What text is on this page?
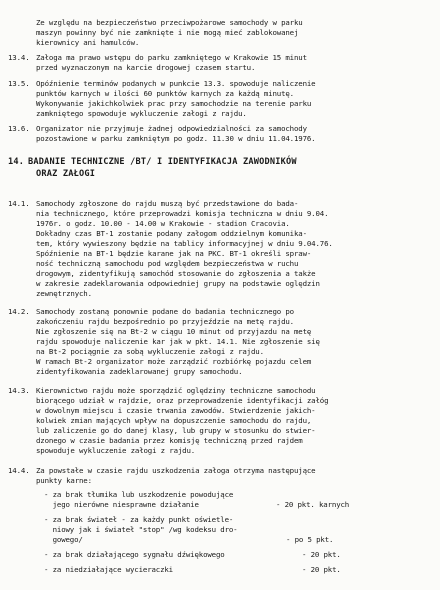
Ze względu na bezpieczeństwo przeciwpożarowe samochody w parku
maszyn powinny być nie zamknięte i nie mogą mieć zablokowanej
kierownicy ani hamulców.
13.4. Załoga ma prawo wstępu do parku zamkniętego w Krakowie 15 minut
przed wyznaczonym na karcie drogowej czasem startu.
13.5. Opóźnienie terminów podanych w punkcie 13.3. spowoduje naliczenie
punktów karnych w ilości 60 punktów karnych za każdą minutę.
Wykonywanie jakichkolwiek prac przy samochodzie na terenie parku
zamkniętego spowoduje wykluczenie załogi z rajdu.
13.6. Organizator nie przyjmuje żadnej odpowiedzialności za samochody
pozostawione w parku zamkniętym po godz. 11.30 w dniu 11.04.1976.
14. BADANIE TECHNICZNE /BT/ I IDENTYFIKACJA ZAWODNIKÓW
ORAZ ZAŁOGI
14.1. Samochody zgłoszone do rajdu muszą być przedstawione do bada-
nia technicznego, które przeprowadzi komisja techniczna w dniu 9.04.
1976r. o godz. 10.00 - 14.00 w Krakowie - stadion Cracovia.
Dokładny czas BT-1 zostanie podany załogom oddzielnym komunika-
tem, który wywieszony będzie na tablicy informacyjnej w dniu 9.04.76.
Spóźnienie na BT-1 będzie karane jak na PKC. BT-1 określi spraw-
ność techniczną samochodu pod względem bezpieczeństwa w ruchu
drogowym, zidentyfikują samochód stosowanie do zgłoszenia a także
w zakresie zadeklarowania odpowiedniej grupy na podstawie oględzin
zewnętrznych.
14.2. Samochody zostaną ponownie podane do badania technicznego po
zakończeniu rajdu bezpośrednio po przyjeździe na metę rajdu.
Nie zgłoszenie się na Bt-2 w ciągu 10 minut od przyjazdu na metę
rajdu spowoduje naliczenie kar jak w pkt. 14.1. Nie zgłoszenie się
na Bt-2 pociągnie za sobą wykluczenie załogi z rajdu.
W ramach Bt-2 organizator może zarządzić rozbiórkę pojazdu celem
zidentyfikowania zadeklarowanej grupy samochodu.
14.3. Kierownictwo rajdu może sporządzić oględziny techniczne samochodu
biorącego udział w rajdzie, oraz przeprowadzenie identyfikacji załóg
w dowolnym miejscu i czasie trwania zawodów. Stwierdzenie jakich-
kolwiek zmian mających wpływ na dopuszczenie samochodu do rajdu,
lub zaliczenie go do danej klasy, lub grupy w stosunku do stwier-
dzonego w czasie badania przez komisję techniczną przed rajdem
spowoduje wykluczenie załogi z rajdu.
14.4. Za powstałe w czasie rajdu uszkodzenia załoga otrzyma następujące
punkty karne:
- za brak tłumika lub uszkodzenie powodujące
jego nierówne niesprawne działanie	- 20 pkt. karnych
- za brak świateł - za każdy punkt oświetle-
niowy jak i świateł "stop" /wg kodeksu dro-
gowego/	- po 5 pkt.
- za brak działającego sygnału dźwiękowego	- 20 pkt.
- za niedziałające wycieraczki	- 20 pkt.
